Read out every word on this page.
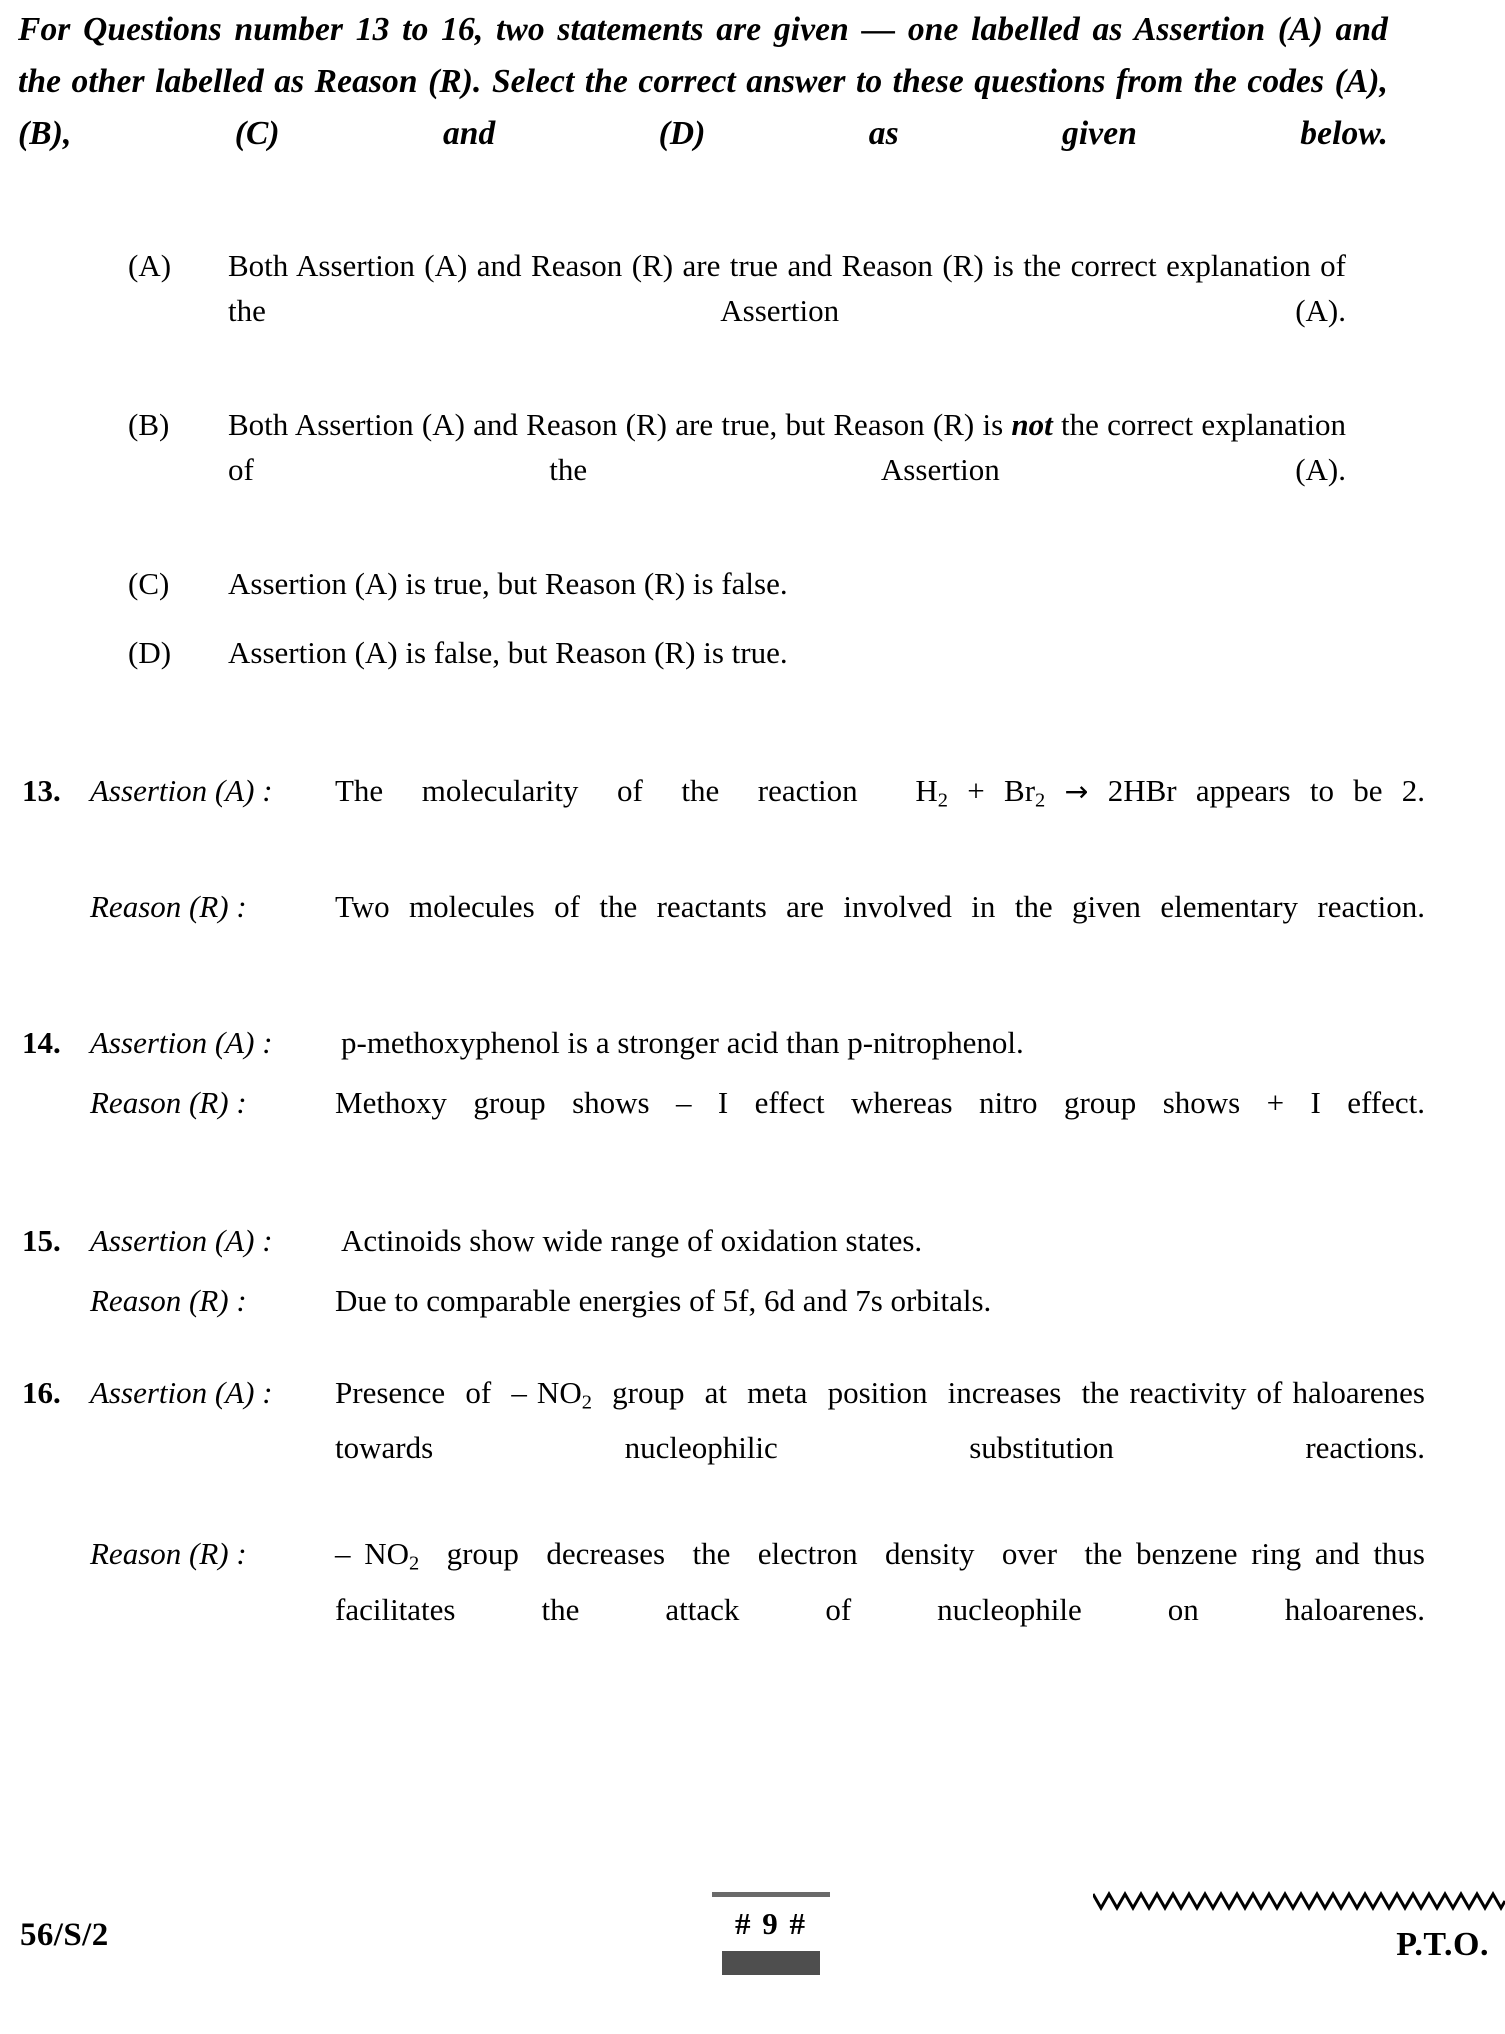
For Questions number 13 to 16, two statements are given — one labelled as Assertion (A) and the other labelled as Reason (R). Select the correct answer to these questions from the codes (A), (B), (C) and (D) as given below.
(A)	Both Assertion (A) and Reason (R) are true and Reason (R) is the correct explanation of the Assertion (A).
(B)	Both Assertion (A) and Reason (R) are true, but Reason (R) is not the correct explanation of the Assertion (A).
(C)	Assertion (A) is true, but Reason (R) is false.
(D)	Assertion (A) is false, but Reason (R) is true.
13. Assertion (A) :	The  molecularity  of  the  reaction   $H_2 + Br_2 \to 2HBr$ appears to be 2.
Reason (R) :	Two molecules of the reactants are involved in the given elementary reaction.
14. Assertion (A) :	p-methoxyphenol is a stronger acid than p-nitrophenol.
Reason (R) :	Methoxy group shows – I effect whereas nitro group shows + I effect.
15. Assertion (A) :	Actinoids show wide range of oxidation states.
Reason (R) :	Due to comparable energies of 5f, 6d and 7s orbitals.
16. Assertion (A) :	Presence  of  – $NO_2$  group  at  meta  position  increases  the reactivity of haloarenes towards nucleophilic substitution reactions.
Reason (R) :	– $NO_2$  group  decreases  the  electron  density  over  the benzene ring and thus facilitates the attack of nucleophile on haloarenes.
56/S/2	# 9 #
P.T.O.
